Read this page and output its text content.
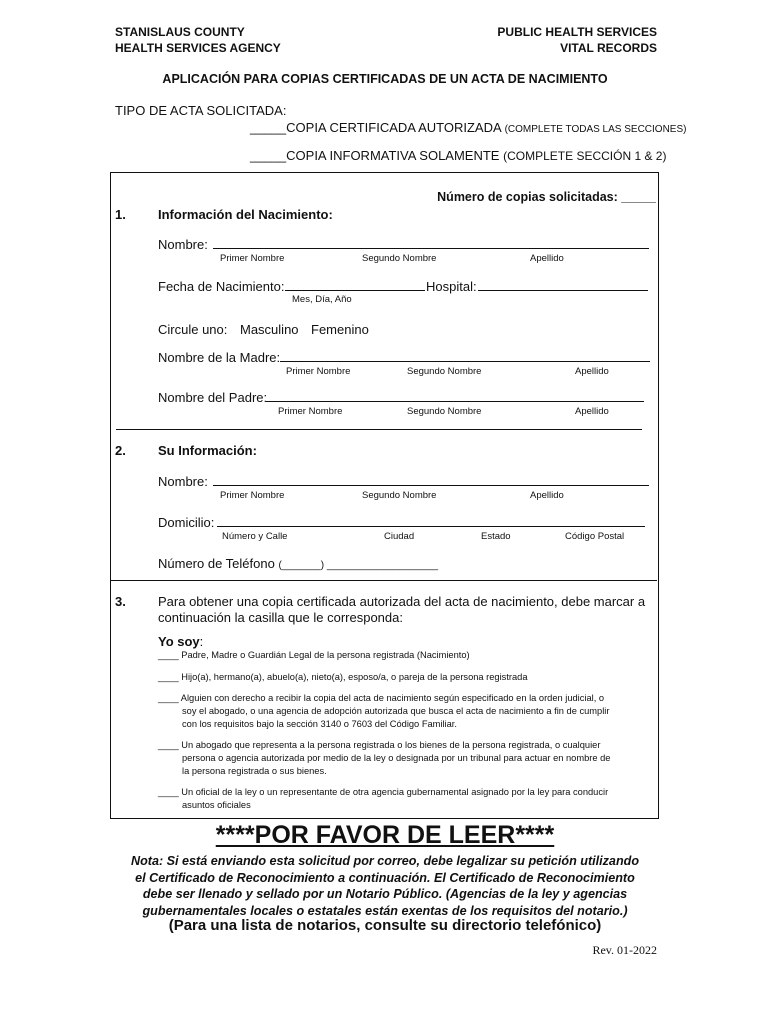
STANISLAUS COUNTY
HEALTH SERVICES AGENCY
PUBLIC HEALTH SERVICES
VITAL RECORDS
APLICACIÓN PARA COPIAS CERTIFICADAS DE UN ACTA DE NACIMIENTO
TIPO DE ACTA SOLICITADA:
_____COPIA CERTIFICADA AUTORIZADA (COMPLETE TODAS LAS SECCIONES)
_____COPIA INFORMATIVA SOLAMENTE (COMPLETE SECCIÓN 1 & 2)
Número de copias solicitadas: _____
1. Información del Nacimiento:
Nombre:
Primer Nombre	Segundo Nombre	Apellido
Fecha de Nacimiento:	Hospital:
Mes, Día, Año
Circule uno: Masculino Femenino
Nombre de la Madre:
Primer Nombre	Segundo Nombre	Apellido
Nombre del Padre:
Primer Nombre	Segundo Nombre	Apellido
2. Su Información:
Nombre:
Primer Nombre	Segundo Nombre	Apellido
Domicilio:
Número y Calle	Ciudad	Estado	Código Postal
Número de Teléfono (_______) ____________________
3. Para obtener una copia certificada autorizada del acta de nacimiento, debe marcar a
continuación la casilla que le corresponda:
Yo soy:
____ Padre, Madre o Guardián Legal de la persona registrada (Nacimiento)
____ Hijo(a), hermano(a), abuelo(a), nieto(a), esposo/a, o pareja de la persona registrada
____ Alguien con derecho a recibir la copia del acta de nacimiento según especificado en la orden judicial, o
soy el abogado, o una agencia de adopción autorizada que busca el acta de nacimiento a fin de cumplir
con los requisitos bajo la sección 3140 o 7603 del Código Familiar.
____ Un abogado que representa a la persona registrada o los bienes de la persona registrada, o cualquier
persona o agencia autorizada por medio de la ley o designada por un tribunal para actuar en nombre de
la persona registrada o sus bienes.
____ Un oficial de la ley o un representante de otra agencia gubernamental asignado por la ley para conducir
asuntos oficiales
****POR FAVOR DE LEER****
Nota: Si está enviando esta solicitud por correo, debe legalizar su petición utilizando
el Certificado de Reconocimiento a continuación. El Certificado de Reconocimiento
debe ser llenado y sellado por un Notario Público. (Agencias de la ley y agencias
gubernamentales locales o estatales están exentas de los requisitos del notario.)
(Para una lista de notarios, consulte su directorio telefónico)
Rev. 01-2022
